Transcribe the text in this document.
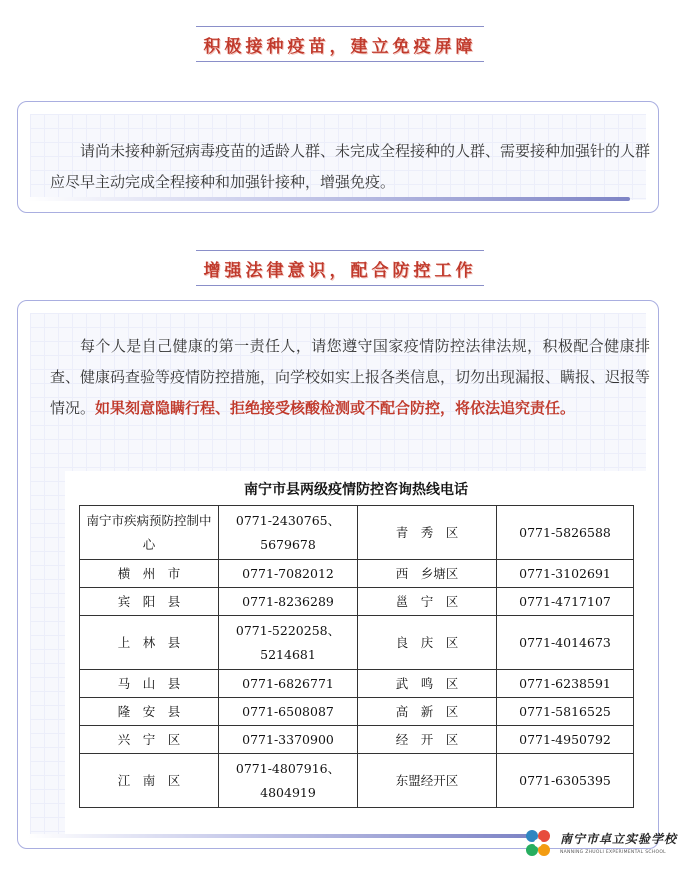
积极接种疫苗，建立免疫屏障

请尚未接种新冠病毒疫苗的适龄人群、未完成全程接种的人群、需要接种加强针的人群应尽早主动完成全程接种和加强针接种，增强免疫。

增强法律意识，配合防控工作

每个人是自己健康的第一责任人，请您遵守国家疫情防控法律法规，积极配合健康排查、健康码查验等疫情防控措施，向学校如实上报各类信息，切勿出现漏报、瞒报、迟报等情况。如果刻意隐瞒行程、拒绝接受核酸检测或不配合防控，将依法追究责任。

南宁市县两级疫情防控咨询热线电话
南宁市疾病预防控制中心	0771-2430765、5679678	青　秀　区	0771-5826588
横　州　市	0771-7082012	西　乡塘区	0771-3102691
宾　阳　县	0771-8236289	邕　宁　区	0771-4717107
上　林　县	0771-5220258、5214681	良　庆　区	0771-4014673
马　山　县	0771-6826771	武　鸣　区	0771-6238591
隆　安　县	0771-6508087	高　新　区	0771-5816525
兴　宁　区	0771-3370900	经　开　区	0771-4950792
江　南　区	0771-4807916、4804919	东盟经开区	0771-6305395
南宁市卓立实验学校
NANNING ZHUOLI EXPERIMENTAL SCHOOL
